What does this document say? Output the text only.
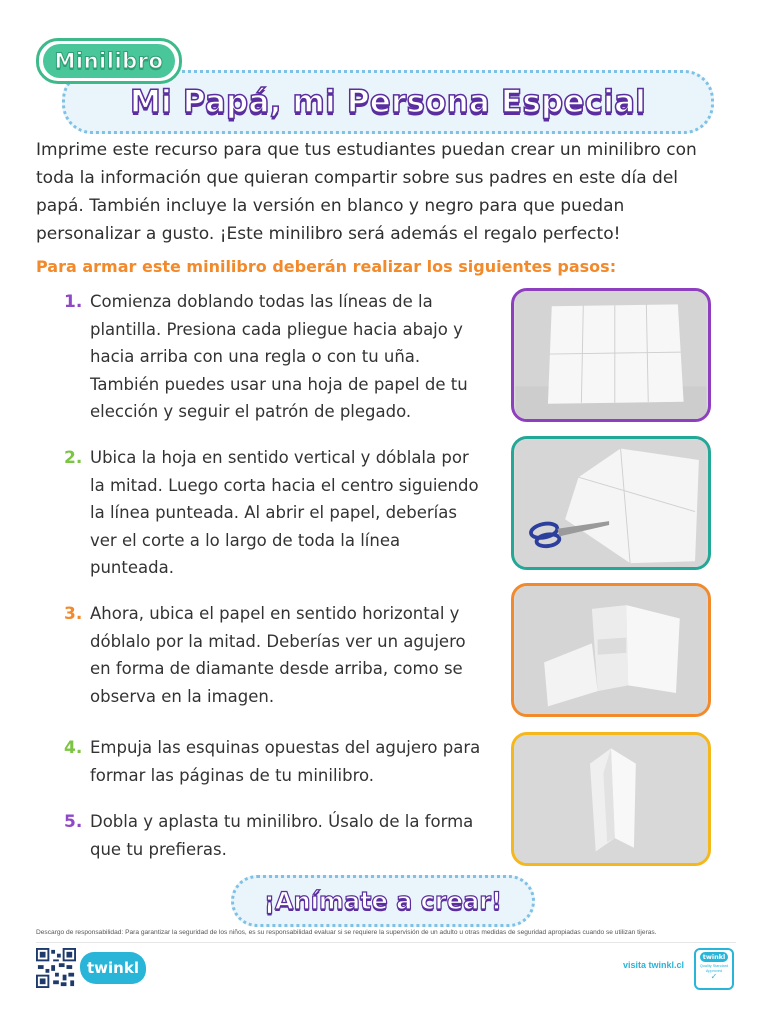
Minilibro
Mi Papá, mi Persona Especial

Imprime este recurso para que tus estudiantes puedan crear un minilibro con toda la información que quieran compartir sobre sus padres en este día del papá. También incluye la versión en blanco y negro para que puedan personalizar a gusto. ¡Este minilibro será además el regalo perfecto!

Para armar este minilibro deberán realizar los siguientes pasos:

1. Comienza doblando todas las líneas de la plantilla. Presiona cada pliegue hacia abajo y hacia arriba con una regla o con tu uña. También puedes usar una hoja de papel de tu elección y seguir el patrón de plegado.
2. Ubica la hoja en sentido vertical y dóblala por la mitad. Luego corta hacia el centro siguiendo la línea punteada. Al abrir el papel, deberías ver el corte a lo largo de toda la línea punteada.
3. Ahora, ubica el papel en sentido horizontal y dóblalo por la mitad. Deberías ver un agujero en forma de diamante desde arriba, como se observa en la imagen.
4. Empuja las esquinas opuestas del agujero para formar las páginas de tu minilibro.
5. Dobla y aplasta tu minilibro. Úsalo de la forma que tu prefieras.
¡Anímate a crear!

Descargo de responsabilidad: Para garantizar la seguridad de los niños, es su responsabilidad evaluar si se requiere la supervisión de un adulto u otras medidas de seguridad apropiadas cuando se utilizan tijeras.

twinkl	visita twinkl.cl
twinkl
Quality Standard Approved
✓
